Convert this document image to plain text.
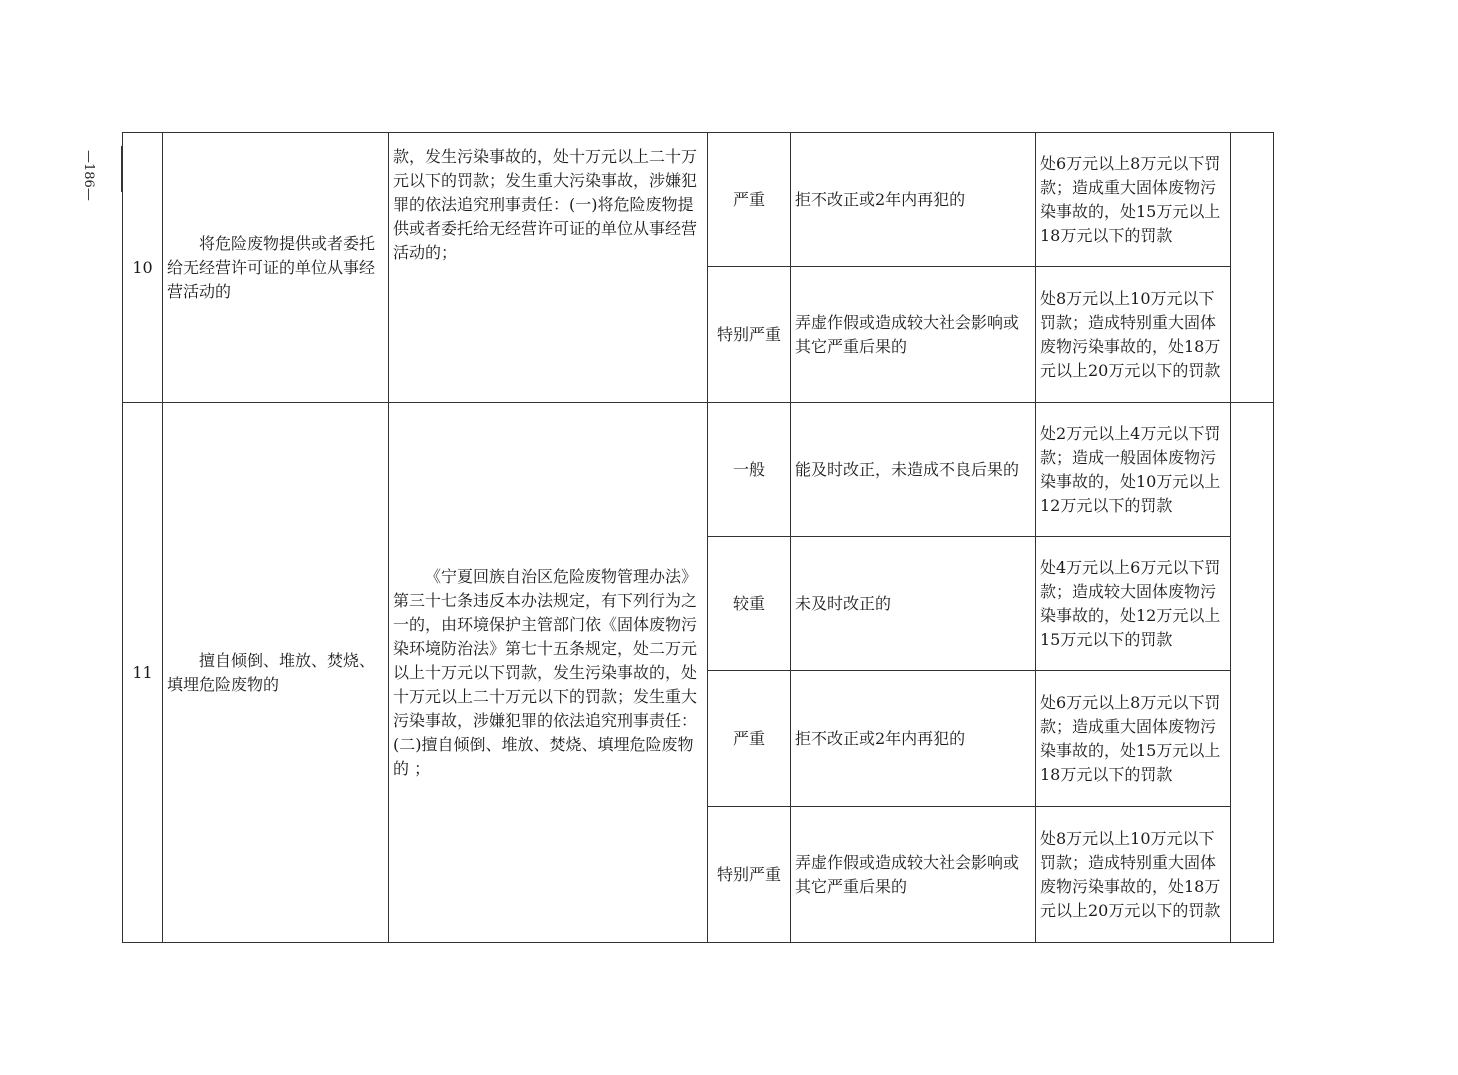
—186—
10	将危险废物提供或者委托给无经营许可证的单位从事经营活动的	款，发生污染事故的，处十万元以上二十万元以下的罚款；发生重大污染事故，涉嫌犯罪的依法追究刑事责任：(一)将危险废物提供或者委托给无经营许可证的单位从事经营活动的；	严重	拒不改正或2年内再犯的	处6万元以上8万元以下罚款；造成重大固体废物污染事故的，处15万元以上18万元以下的罚款	
			特别严重	弄虚作假或造成较大社会影响或其它严重后果的	处8万元以上10万元以下罚款；造成特别重大固体废物污染事故的，处18万元以上20万元以下的罚款	
11	擅自倾倒、堆放、焚烧、填埋危险废物的	《宁夏回族自治区危险废物管理办法》第三十七条违反本办法规定，有下列行为之一的，由环境保护主管部门依《固体废物污染环境防治法》第七十五条规定，处二万元以上十万元以下罚款，发生污染事故的，处十万元以上二十万元以下的罚款；发生重大污染事故，涉嫌犯罪的依法追究刑事责任：(二)擅自倾倒、堆放、焚烧、填埋危险废物 的 ；	一般	能及时改正，未造成不良后果的	处2万元以上4万元以下罚款；造成一般固体废物污染事故的，处10万元以上12万元以下的罚款	
			较重	未及时改正的	处4万元以上6万元以下罚款；造成较大固体废物污染事故的，处12万元以上15万元以下的罚款	
			严重	拒不改正或2年内再犯的	处6万元以上8万元以下罚款；造成重大固体废物污染事故的，处15万元以上18万元以下的罚款	
			特别严重	弄虚作假或造成较大社会影响或其它严重后果的	处8万元以上10万元以下罚款；造成特别重大固体废物污染事故的，处18万元以上20万元以下的罚款	
